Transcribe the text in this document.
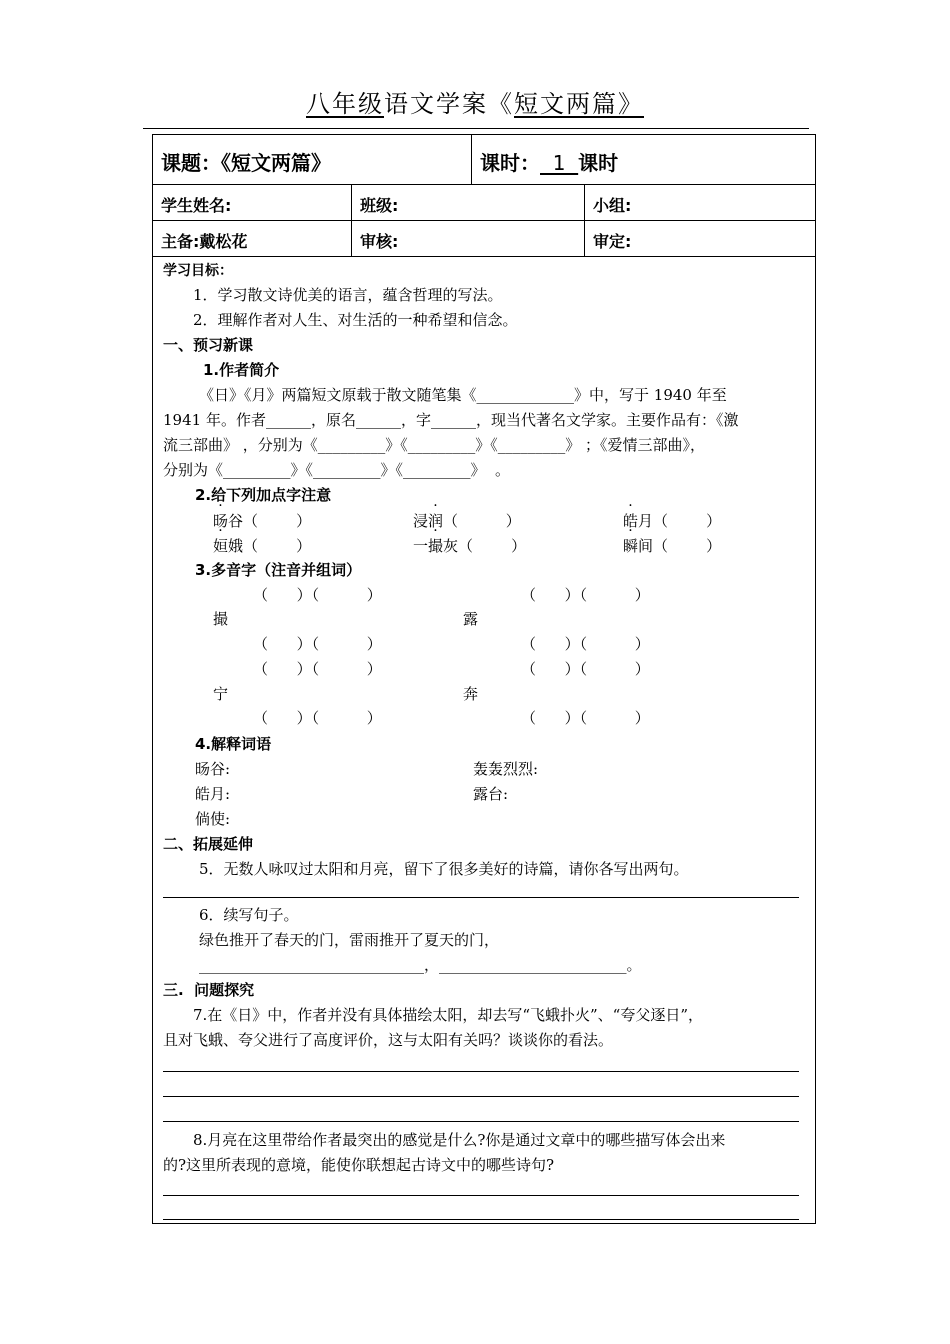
八年级语文学案《短文两篇》
课题：《短文两篇》	课时：  1  课时
学生姓名:	班级:	小组:
主备:戴松花	审核:	审定:
学习目标：
1．学习散文诗优美的语言，蕴含哲理的写法。
2．理解作者对人生、对生活的一种希望和信念。
一、预习新课
1.作者简介
《日》《月》两篇短文原载于散文随笔集《_____________》中，写于 1940 年至
1941 年。作者______，原名______，字______，现当代著名文学家。主要作品有：《激
流三部曲》 ，分别为《_________》《_________》《_________》 ；《爱情三部曲》，
分别为《_________》《_________》《_________》  。
2.给下列加点字注意
旸谷（        ）	浸润（          ）	皓月（        ）
姮娥（        ）	一撮灰（        ）	瞬间（        ）
3.多音字（注音并组词）
（      ）（          ）	（      ）（          ）
撮	露
（      ）（          ）	（      ）（          ）
（      ）（          ）	（      ）（          ）
宁	奔
（      ）（          ）	（      ）（          ）
4.解释词语
旸谷:	轰轰烈烈:
皓月:	露台:
倘使:
二、拓展延伸
5．无数人咏叹过太阳和月亮，留下了很多美好的诗篇，请你各写出两句。
6．续写句子。
绿色推开了春天的门，雷雨推开了夏天的门，
______________________________，_________________________。
三.  问题探究
7.在《日》中，作者并没有具体描绘太阳，却去写“飞蛾扑火”、“夸父逐日”，
且对飞蛾、夸父进行了高度评价，这与太阳有关吗？谈谈你的看法。
8.月亮在这里带给作者最突出的感觉是什么?你是通过文章中的哪些描写体会出来
的?这里所表现的意境，能使你联想起古诗文中的哪些诗句?
